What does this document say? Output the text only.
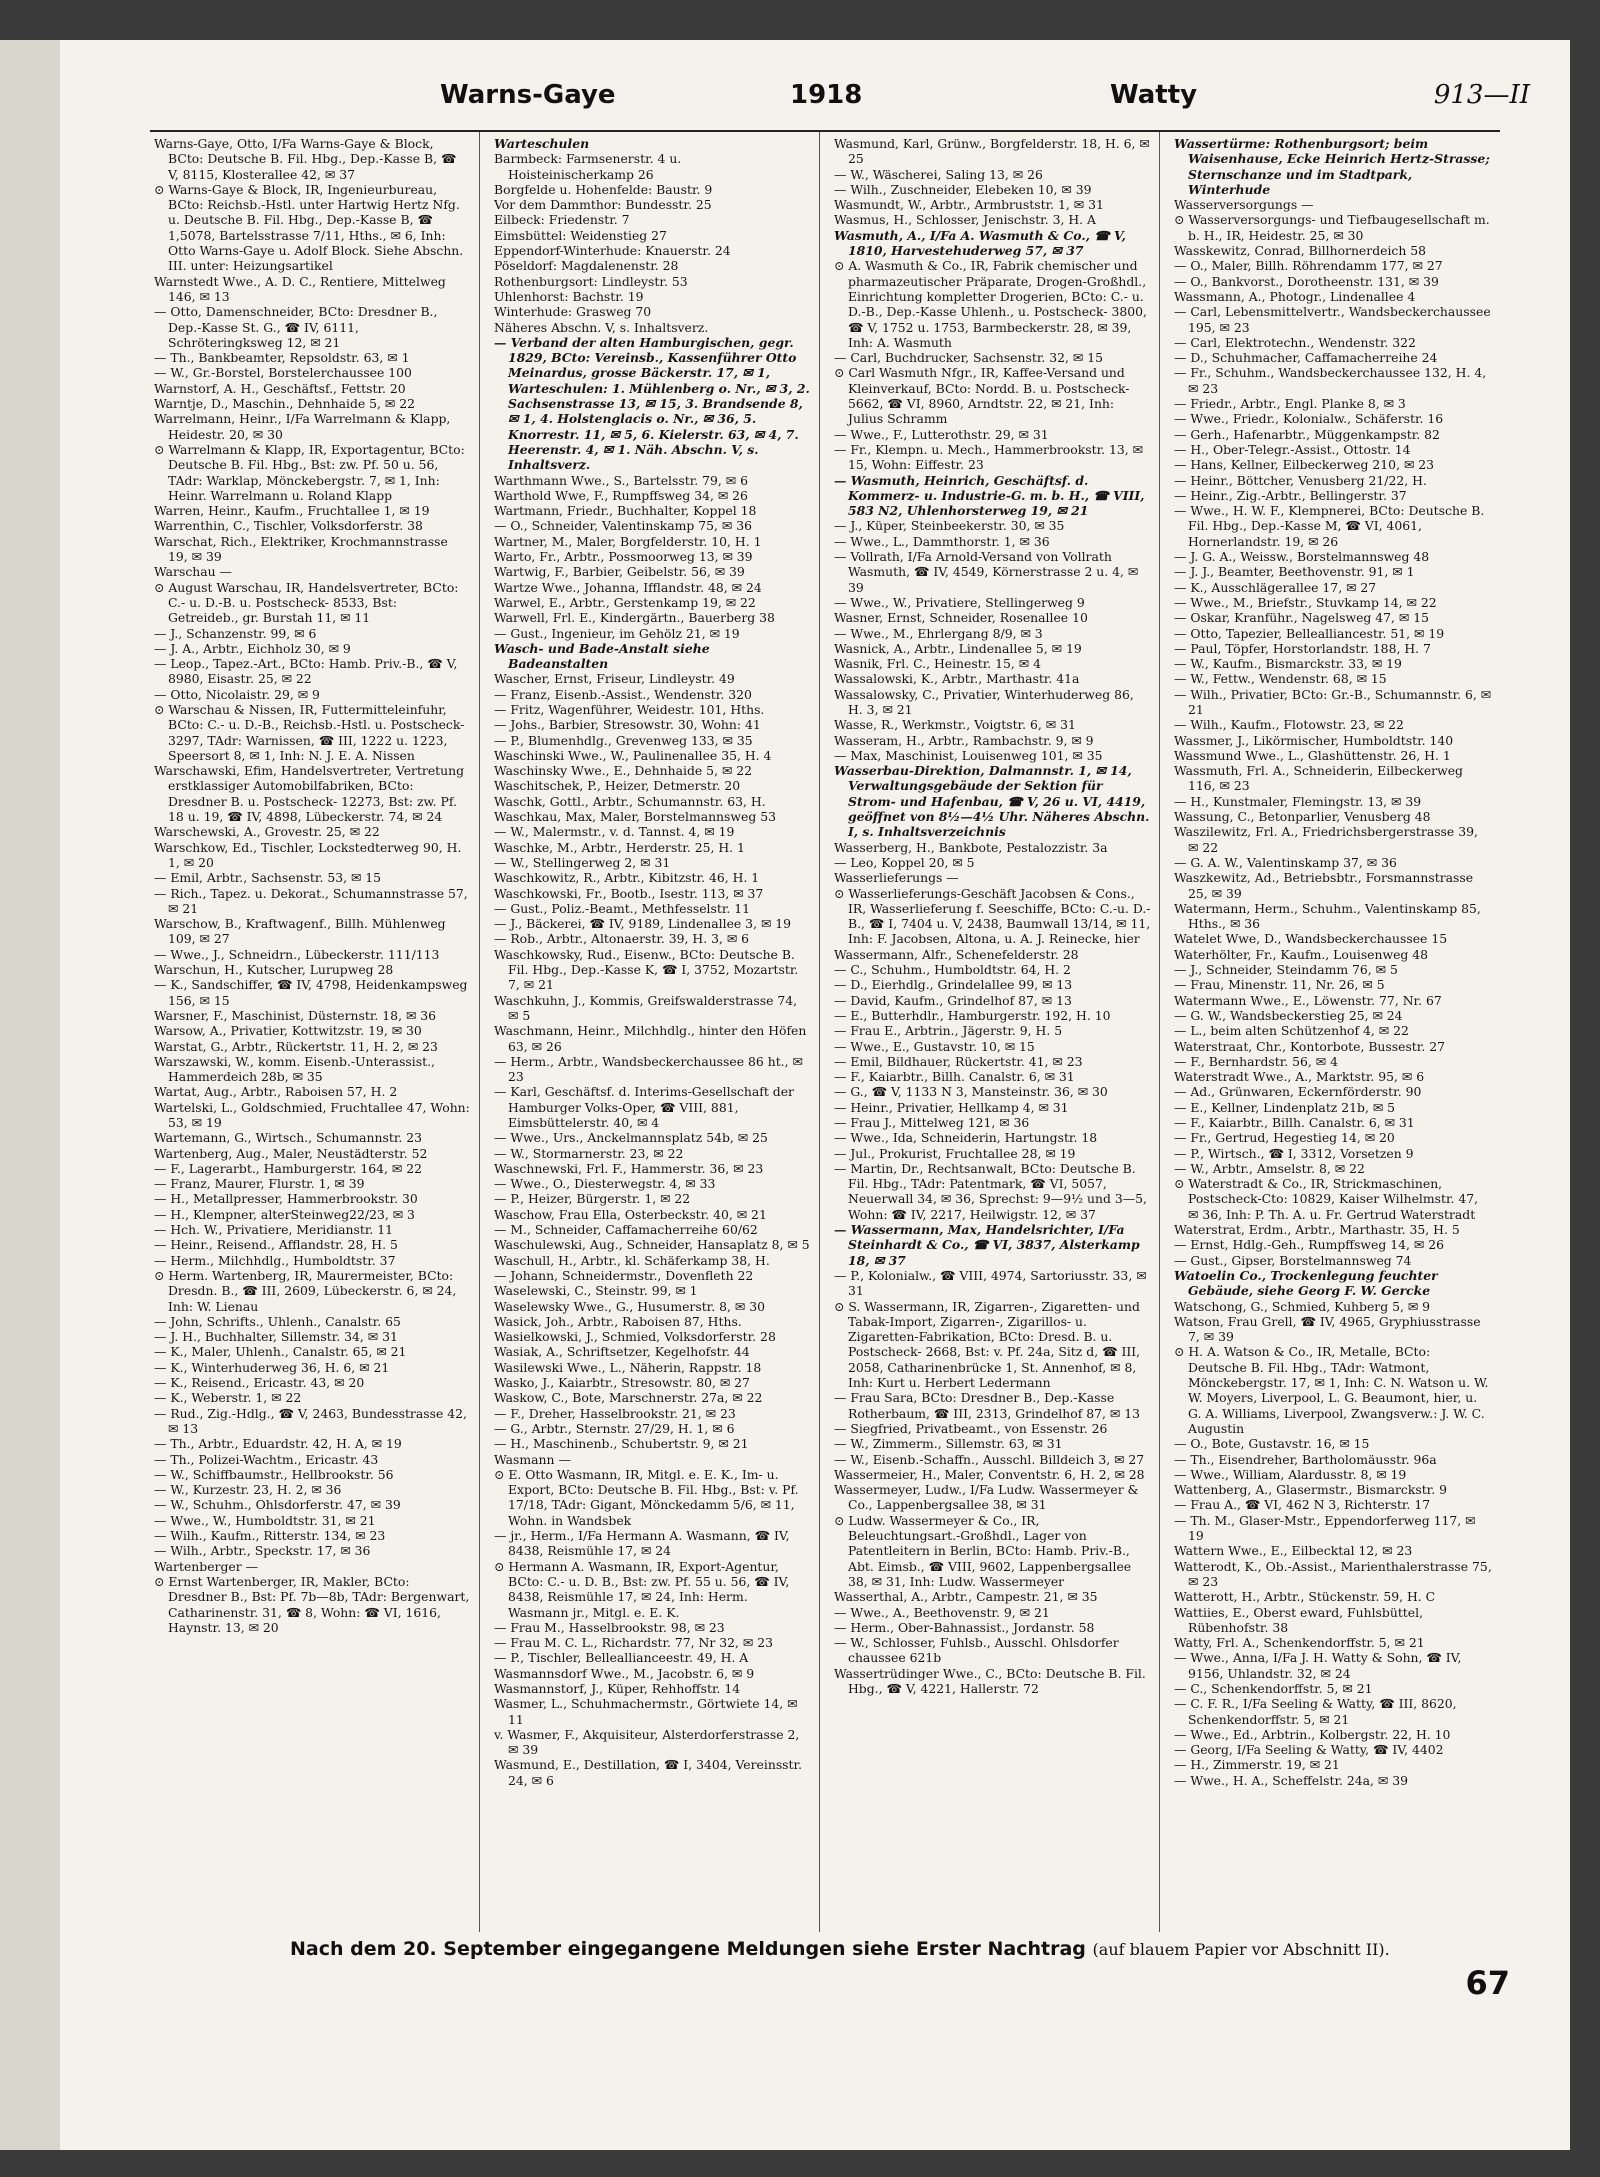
Warns-Gaye	1918	Watty	913—II
Warns-Gaye, Otto, I/Fa Warns-Gaye & Block, BCto: Deutsche B. Fil. Hbg., Dep.-Kasse B, ☎ V, 8115, Klosterallee 42, ✉ 37
⊙ Warns-Gaye & Block, IR, Ingenieurbureau, BCto: Reichsb.-Hstl. unter Hartwig Hertz Nfg. u. Deutsche B. Fil. Hbg., Dep.-Kasse B, ☎ 1,5078, Bartelsstrasse 7/11, Hths., ✉ 6, Inh: Otto Warns-Gaye u. Adolf Block. Siehe Abschn. III. unter: Heizungsartikel
Warnstedt Wwe., A. D. C., Rentiere, Mittelweg 146, ✉ 13
— Otto, Damenschneider, BCto: Dresdner B., Dep.-Kasse St. G., ☎ IV, 6111, Schröteringksweg 12, ✉ 21
— Th., Bankbeamter, Repsoldstr. 63, ✉ 1
— W., Gr.-Borstel, Borstelerchaussee 100
Warnstorf, A. H., Geschäftsf., Fettstr. 20
Warntje, D., Maschin., Dehnhaide 5, ✉ 22
Warrelmann, Heinr., I/Fa Warrelmann & Klapp, Heidestr. 20, ✉ 30
⊙ Warrelmann & Klapp, IR, Exportagentur, BCto: Deutsche B. Fil. Hbg., Bst: zw. Pf. 50 u. 56, TAdr: Warklap, Mönckebergstr. 7, ✉ 1, Inh: Heinr. Warrelmann u. Roland Klapp
Warren, Heinr., Kaufm., Fruchtallee 1, ✉ 19
Warrenthin, C., Tischler, Volksdorferstr. 38
Warschat, Rich., Elektriker, Krochmannstrasse 19, ✉ 39
Warschau —
⊙ August Warschau, IR, Handelsvertreter, BCto: C.- u. D.-B. u. Postscheck- 8533, Bst: Getreideb., gr. Burstah 11, ✉ 11
— J., Schanzenstr. 99, ✉ 6
— J. A., Arbtr., Eichholz 30, ✉ 9
— Leop., Tapez.-Art., BCto: Hamb. Priv.-B., ☎ V, 8980, Eisastr. 25, ✉ 22
— Otto, Nicolaistr. 29, ✉ 9
⊙ Warschau & Nissen, IR, Futtermitteleinfuhr, BCto: C.- u. D.-B., Reichsb.-Hstl. u. Postscheck- 3297, TAdr: Warnissen, ☎ III, 1222 u. 1223, Speersort 8, ✉ 1, Inh: N. J. E. A. Nissen
Warschawski, Efim, Handelsvertreter, Vertretung erstklassiger Automobilfabriken, BCto: Dresdner B. u. Postscheck- 12273, Bst: zw. Pf. 18 u. 19, ☎ IV, 4898, Lübeckerstr. 74, ✉ 24
Warschewski, A., Grovestr. 25, ✉ 22
Warschkow, Ed., Tischler, Lockstedterweg 90, H. 1, ✉ 20
— Emil, Arbtr., Sachsenstr. 53, ✉ 15
— Rich., Tapez. u. Dekorat., Schumannstrasse 57, ✉ 21
Warschow, B., Kraftwagenf., Billh. Mühlenweg 109, ✉ 27
— Wwe., J., Schneidrn., Lübeckerstr. 111/113
Warschun, H., Kutscher, Lurupweg 28
— K., Sandschiffer, ☎ IV, 4798, Heidenkampsweg 156, ✉ 15
Warsner, F., Maschinist, Düsternstr. 18, ✉ 36
Warsow, A., Privatier, Kottwitzstr. 19, ✉ 30
Warstat, G., Arbtr., Rückertstr. 11, H. 2, ✉ 23
Warszawski, W., komm. Eisenb.-Unterassist., Hammerdeich 28b, ✉ 35
Wartat, Aug., Arbtr., Raboisen 57, H. 2
Wartelski, L., Goldschmied, Fruchtallee 47, Wohn: 53, ✉ 19
Wartemann, G., Wirtsch., Schumannstr. 23
Wartenberg, Aug., Maler, Neustädterstr. 52
— F., Lagerarbt., Hamburgerstr. 164, ✉ 22
— Franz, Maurer, Flurstr. 1, ✉ 39
— H., Metallpresser, Hammerbrookstr. 30
— H., Klempner, alterSteinweg22/23, ✉ 3
— Hch. W., Privatiere, Meridianstr. 11
— Heinr., Reisend., Afflandstr. 28, H. 5
— Herm., Milchhdlg., Humboldtstr. 37
⊙ Herm. Wartenberg, IR, Maurermeister, BCto: Dresdn. B., ☎ III, 2609, Lübeckerstr. 6, ✉ 24, Inh: W. Lienau
— John, Schrifts., Uhlenh., Canalstr. 65
— J. H., Buchhalter, Sillemstr. 34, ✉ 31
— K., Maler, Uhlenh., Canalstr. 65, ✉ 21
— K., Winterhuderweg 36, H. 6, ✉ 21
— K., Reisend., Ericastr. 43, ✉ 20
— K., Weberstr. 1, ✉ 22
— Rud., Zig.-Hdlg., ☎ V, 2463, Bundesstrasse 42, ✉ 13
— Th., Arbtr., Eduardstr. 42, H. A, ✉ 19
— Th., Polizei-Wachtm., Ericastr. 43
— W., Schiffbaumstr., Hellbrookstr. 56
— W., Kurzestr. 23, H. 2, ✉ 36
— W., Schuhm., Ohlsdorferstr. 47, ✉ 39
— Wwe., W., Humboldtstr. 31, ✉ 21
— Wilh., Kaufm., Ritterstr. 134, ✉ 23
— Wilh., Arbtr., Speckstr. 17, ✉ 36
Wartenberger —
⊙ Ernst Wartenberger, IR, Makler, BCto: Dresdner B., Bst: Pf. 7b—8b, TAdr: Bergenwart, Catharinenstr. 31, ☎ 8, Wohn: ☎ VI, 1616, Haynstr. 13, ✉ 20
Warteschulen
Barmbeck: Farmsenerstr. 4 u. Hoisteinischerkamp 26
Borgfelde u. Hohenfelde: Baustr. 9
Vor dem Dammthor: Bundesstr. 25
Eilbeck: Friedenstr. 7
Eimsbüttel: Weidenstieg 27
Eppendorf-Winterhude: Knauerstr. 24
Pöseldorf: Magdalenenstr. 28
Rothenburgsort: Lindleystr. 53
Uhlenhorst: Bachstr. 19
Winterhude: Grasweg 70
Näheres Abschn. V, s. Inhaltsverz.
— Verband der alten Hamburgischen, gegr. 1829, BCto: Vereinsb., Kassenführer Otto Meinardus, grosse Bäckerstr. 17, ✉ 1, Warteschulen: 1. Mühlenberg o. Nr., ✉ 3, 2. Sachsenstrasse 13, ✉ 15, 3. Brandsende 8, ✉ 1, 4. Holstenglacis o. Nr., ✉ 36, 5. Knorrestr. 11, ✉ 5, 6. Kielerstr. 63, ✉ 4, 7. Heerenstr. 4, ✉ 1. Näh. Abschn. V, s. Inhaltsverz.
Warthmann Wwe., S., Bartelsstr. 79, ✉ 6
Warthold Wwe, F., Rumpffsweg 34, ✉ 26
Wartmann, Friedr., Buchhalter, Koppel 18
— O., Schneider, Valentinskamp 75, ✉ 36
Wartner, M., Maler, Borgfelderstr. 10, H. 1
Warto, Fr., Arbtr., Possmoorweg 13, ✉ 39
Wartwig, F., Barbier, Geibelstr. 56, ✉ 39
Wartze Wwe., Johanna, Ifflandstr. 48, ✉ 24
Warwel, E., Arbtr., Gerstenkamp 19, ✉ 22
Warwell, Frl. E., Kindergärtn., Bauerberg 38
— Gust., Ingenieur, im Gehölz 21, ✉ 19
Wasch- und Bade-Anstalt siehe Badeanstalten
Wascher, Ernst, Friseur, Lindleystr. 49
— Franz, Eisenb.-Assist., Wendenstr. 320
— Fritz, Wagenführer, Weidestr. 101, Hths.
— Johs., Barbier, Stresowstr. 30, Wohn: 41
— P., Blumenhdlg., Grevenweg 133, ✉ 35
Waschinski Wwe., W., Paulinenallee 35, H. 4
Waschinsky Wwe., E., Dehnhaide 5, ✉ 22
Waschitschek, P., Heizer, Detmerstr. 20
Waschk, Gottl., Arbtr., Schumannstr. 63, H.
Waschkau, Max, Maler, Borstelmannsweg 53
— W., Malermstr., v. d. Tannst. 4, ✉ 19
Waschke, M., Arbtr., Herderstr. 25, H. 1
— W., Stellingerweg 2, ✉ 31
Waschkowitz, R., Arbtr., Kibitzstr. 46, H. 1
Waschkowski, Fr., Bootb., Isestr. 113, ✉ 37
— Gust., Poliz.-Beamt., Methfesselstr. 11
— J., Bäckerei, ☎ IV, 9189, Lindenallee 3, ✉ 19
— Rob., Arbtr., Altonaerstr. 39, H. 3, ✉ 6
Waschkowsky, Rud., Eisenw., BCto: Deutsche B. Fil. Hbg., Dep.-Kasse K, ☎ I, 3752, Mozartstr. 7, ✉ 21
Waschkuhn, J., Kommis, Greifswalderstrasse 74, ✉ 5
Waschmann, Heinr., Milchhdlg., hinter den Höfen 63, ✉ 26
— Herm., Arbtr., Wandsbeckerchaussee 86 ht., ✉ 23
— Karl, Geschäftsf. d. Interims-Gesellschaft der Hamburger Volks-Oper, ☎ VIII, 881, Eimsbüttelerstr. 40, ✉ 4
— Wwe., Urs., Anckelmannsplatz 54b, ✉ 25
— W., Stormarnerstr. 23, ✉ 22
Waschnewski, Frl. F., Hammerstr. 36, ✉ 23
— Wwe., O., Diesterwegstr. 4, ✉ 33
— P., Heizer, Bürgerstr. 1, ✉ 22
Waschow, Frau Ella, Osterbeckstr. 40, ✉ 21
— M., Schneider, Caffamacherreihe 60/62
Waschulewski, Aug., Schneider, Hansaplatz 8, ✉ 5
Waschull, H., Arbtr., kl. Schäferkamp 38, H.
— Johann, Schneidermstr., Dovenfleth 22
Waselewski, C., Steinstr. 99, ✉ 1
Waselewsky Wwe., G., Husumerstr. 8, ✉ 30
Wasick, Joh., Arbtr., Raboisen 87, Hths.
Wasielkowski, J., Schmied, Volksdorferstr. 28
Wasiak, A., Schriftsetzer, Kegelhofstr. 44
Wasilewski Wwe., L., Näherin, Rappstr. 18
Wasko, J., Kaiarbtr., Stresowstr. 80, ✉ 27
Waskow, C., Bote, Marschnerstr. 27a, ✉ 22
— F., Dreher, Hasselbrookstr. 21, ✉ 23
— G., Arbtr., Sternstr. 27/29, H. 1, ✉ 6
— H., Maschinenb., Schubertstr. 9, ✉ 21
Wasmann —
⊙ E. Otto Wasmann, IR, Mitgl. e. E. K., Im- u. Export, BCto: Deutsche B. Fil. Hbg., Bst: v. Pf. 17/18, TAdr: Gigant, Mönckedamm 5/6, ✉ 11, Wohn. in Wandsbek
— jr., Herm., I/Fa Hermann A. Wasmann, ☎ IV, 8438, Reismühle 17, ✉ 24
⊙ Hermann A. Wasmann, IR, Export-Agentur, BCto: C.- u. D. B., Bst: zw. Pf. 55 u. 56, ☎ IV, 8438, Reismühle 17, ✉ 24, Inh: Herm. Wasmann jr., Mitgl. e. E. K.
— Frau M., Hasselbrookstr. 98, ✉ 23
— Frau M. C. L., Richardstr. 77, Nr 32, ✉ 23
— P., Tischler, Belleallianceestr. 49, H. A
Wasmannsdorf Wwe., M., Jacobstr. 6, ✉ 9
Wasmannstorf, J., Küper, Rehhoffstr. 14
Wasmer, L., Schuhmachermstr., Görtwiete 14, ✉ 11
v. Wasmer, F., Akquisiteur, Alsterdorferstrasse 2, ✉ 39
Wasmund, E., Destillation, ☎ I, 3404, Vereinsstr. 24, ✉ 6
Wasmund, Karl, Grünw., Borgfelderstr. 18, H. 6, ✉ 25
— W., Wäscherei, Saling 13, ✉ 26
— Wilh., Zuschneider, Elebeken 10, ✉ 39
Wasmundt, W., Arbtr., Armbruststr. 1, ✉ 31
Wasmus, H., Schlosser, Jenischstr. 3, H. A
Wasmuth, A., I/Fa A. Wasmuth & Co., ☎ V, 1810, Harvestehuderweg 57, ✉ 37
⊙ A. Wasmuth & Co., IR, Fabrik chemischer und pharmazeutischer Präparate, Drogen-Großhdl., Einrichtung kompletter Drogerien, BCto: C.- u. D.-B., Dep.-Kasse Uhlenh., u. Postscheck- 3800, ☎ V, 1752 u. 1753, Barmbeckerstr. 28, ✉ 39, Inh: A. Wasmuth
— Carl, Buchdrucker, Sachsenstr. 32, ✉ 15
⊙ Carl Wasmuth Nfgr., IR, Kaffee-Versand und Kleinverkauf, BCto: Nordd. B. u. Postscheck- 5662, ☎ VI, 8960, Arndtstr. 22, ✉ 21, Inh: Julius Schramm
— Wwe., F., Lutterothstr. 29, ✉ 31
— Fr., Klempn. u. Mech., Hammerbrookstr. 13, ✉ 15, Wohn: Eiffestr. 23
— Wasmuth, Heinrich, Geschäftsf. d. Kommerz- u. Industrie-G. m. b. H., ☎ VIII, 583 N2, Uhlenhorsterweg 19, ✉ 21
— J., Küper, Steinbeekerstr. 30, ✉ 35
— Wwe., L., Dammthorstr. 1, ✉ 36
— Vollrath, I/Fa Arnold-Versand von Vollrath Wasmuth, ☎ IV, 4549, Körnerstrasse 2 u. 4, ✉ 39
— Wwe., W., Privatiere, Stellingerweg 9
Wasner, Ernst, Schneider, Rosenallee 10
— Wwe., M., Ehrlergang 8/9, ✉ 3
Wasnick, A., Arbtr., Lindenallee 5, ✉ 19
Wasnik, Frl. C., Heinestr. 15, ✉ 4
Wassalowski, K., Arbtr., Marthastr. 41a
Wassalowsky, C., Privatier, Winterhuderweg 86, H. 3, ✉ 21
Wasse, R., Werkmstr., Voigtstr. 6, ✉ 31
Wasseram, H., Arbtr., Rambachstr. 9, ✉ 9
— Max, Maschinist, Louisenweg 101, ✉ 35
Wasserbau-Direktion, Dalmannstr. 1, ✉ 14, Verwaltungsgebäude der Sektion für Strom- und Hafenbau, ☎ V, 26 u. VI, 4419, geöffnet von 8½—4½ Uhr. Näheres Abschn. I, s. Inhaltsverzeichnis
Wasserberg, H., Bankbote, Pestalozzistr. 3a
— Leo, Koppel 20, ✉ 5
Wasserlieferungs —
⊙ Wasserlieferungs-Geschäft Jacobsen & Cons., IR, Wasserlieferung f. Seeschiffe, BCto: C.-u. D.-B., ☎ I, 7404 u. V, 2438, Baumwall 13/14, ✉ 11, Inh: F. Jacobsen, Altona, u. A. J. Reinecke, hier
Wassermann, Alfr., Schenefelderstr. 28
— C., Schuhm., Humboldtstr. 64, H. 2
— D., Eierhdlg., Grindelallee 99, ✉ 13
— David, Kaufm., Grindelhof 87, ✉ 13
— E., Butterhdlr., Hamburgerstr. 192, H. 10
— Frau E., Arbtrin., Jägerstr. 9, H. 5
— Wwe., E., Gustavstr. 10, ✉ 15
— Emil, Bildhauer, Rückertstr. 41, ✉ 23
— F., Kaiarbtr., Billh. Canalstr. 6, ✉ 31
— G., ☎ V, 1133 N 3, Mansteinstr. 36, ✉ 30
— Heinr., Privatier, Hellkamp 4, ✉ 31
— Frau J., Mittelweg 121, ✉ 36
— Wwe., Ida, Schneiderin, Hartungstr. 18
— Jul., Prokurist, Fruchtallee 28, ✉ 19
— Martin, Dr., Rechtsanwalt, BCto: Deutsche B. Fil. Hbg., TAdr: Patentmark, ☎ VI, 5057, Neuerwall 34, ✉ 36, Sprechst: 9—9½ und 3—5, Wohn: ☎ IV, 2217, Heilwigstr. 12, ✉ 37
— Wassermann, Max, Handelsrichter, I/Fa Steinhardt & Co., ☎ VI, 3837, Alsterkamp 18, ✉ 37
— P., Kolonialw., ☎ VIII, 4974, Sartoriusstr. 33, ✉ 31
⊙ S. Wassermann, IR, Zigarren-, Zigaretten- und Tabak-Import, Zigarren-, Zigarillos- u. Zigaretten-Fabrikation, BCto: Dresd. B. u. Postscheck- 2668, Bst: v. Pf. 24a, Sitz d, ☎ III, 2058, Catharinenbrücke 1, St. Annenhof, ✉ 8, Inh: Kurt u. Herbert Ledermann
— Frau Sara, BCto: Dresdner B., Dep.-Kasse Rotherbaum, ☎ III, 2313, Grindelhof 87, ✉ 13
— Siegfried, Privatbeamt., von Essenstr. 26
— W., Zimmerm., Sillemstr. 63, ✉ 31
— W., Eisenb.-Schaffn., Ausschl. Billdeich 3, ✉ 27
Wassermeier, H., Maler, Conventstr. 6, H. 2, ✉ 28
Wassermeyer, Ludw., I/Fa Ludw. Wassermeyer & Co., Lappenbergsallee 38, ✉ 31
⊙ Ludw. Wassermeyer & Co., IR, Beleuchtungsart.-Großhdl., Lager von Patentleitern in Berlin, BCto: Hamb. Priv.-B., Abt. Eimsb., ☎ VIII, 9602, Lappenbergsallee 38, ✉ 31, Inh: Ludw. Wassermeyer
Wasserthal, A., Arbtr., Campestr. 21, ✉ 35
— Wwe., A., Beethovenstr. 9, ✉ 21
— Herm., Ober-Bahnassist., Jordanstr. 58
— W., Schlosser, Fuhlsb., Ausschl. Ohlsdorfer chaussee 621b
Wassertrüdinger Wwe., C., BCto: Deutsche B. Fil. Hbg., ☎ V, 4221, Hallerstr. 72
Wassertürme: Rothenburgsort; beim Waisenhause, Ecke Heinrich Hertz-Strasse; Sternschanze und im Stadtpark, Winterhude
Wasserversorgungs —
⊙ Wasserversorgungs- und Tiefbaugesellschaft m. b. H., IR, Heidestr. 25, ✉ 30
Wasskewitz, Conrad, Billhornerdeich 58
— O., Maler, Billh. Röhrendamm 177, ✉ 27
— O., Bankvorst., Dorotheenstr. 131, ✉ 39
Wassmann, A., Photogr., Lindenallee 4
— Carl, Lebensmittelvertr., Wandsbeckerchaussee 195, ✉ 23
— Carl, Elektrotechn., Wendenstr. 322
— D., Schuhmacher, Caffamacherreihe 24
— Fr., Schuhm., Wandsbeckerchaussee 132, H. 4, ✉ 23
— Friedr., Arbtr., Engl. Planke 8, ✉ 3
— Wwe., Friedr., Kolonialw., Schäferstr. 16
— Gerh., Hafenarbtr., Müggenkampstr. 82
— H., Ober-Telegr.-Assist., Ottostr. 14
— Hans, Kellner, Eilbeckerweg 210, ✉ 23
— Heinr., Böttcher, Venusberg 21/22, H.
— Heinr., Zig.-Arbtr., Bellingerstr. 37
— Wwe., H. W. F., Klempnerei, BCto: Deutsche B. Fil. Hbg., Dep.-Kasse M, ☎ VI, 4061, Hornerlandstr. 19, ✉ 26
— J. G. A., Weissw., Borstelmannsweg 48
— J. J., Beamter, Beethovenstr. 91, ✉ 1
— K., Ausschlägerallee 17, ✉ 27
— Wwe., M., Briefstr., Stuvkamp 14, ✉ 22
— Oskar, Kranführ., Nagelsweg 47, ✉ 15
— Otto, Tapezier, Bellealliancestr. 51, ✉ 19
— Paul, Töpfer, Horstorlandstr. 188, H. 7
— W., Kaufm., Bismarckstr. 33, ✉ 19
— W., Fettw., Wendenstr. 68, ✉ 15
— Wilh., Privatier, BCto: Gr.-B., Schumannstr. 6, ✉ 21
— Wilh., Kaufm., Flotowstr. 23, ✉ 22
Wassmer, J., Likörmischer, Humboldtstr. 140
Wassmund Wwe., L., Glashüttenstr. 26, H. 1
Wassmuth, Frl. A., Schneiderin, Eilbeckerweg 116, ✉ 23
— H., Kunstmaler, Flemingstr. 13, ✉ 39
Wassung, C., Betonparlier, Venusberg 48
Waszilewitz, Frl. A., Friedrichsbergerstrasse 39, ✉ 22
— G. A. W., Valentinskamp 37, ✉ 36
Waszkewitz, Ad., Betriebsbtr., Forsmannstrasse 25, ✉ 39
Watermann, Herm., Schuhm., Valentinskamp 85, Hths., ✉ 36
Watelet Wwe, D., Wandsbeckerchaussee 15
Waterhölter, Fr., Kaufm., Louisenweg 48
— J., Schneider, Steindamm 76, ✉ 5
— Frau, Minenstr. 11, Nr. 26, ✉ 5
Watermann Wwe., E., Löwenstr. 77, Nr. 67
— G. W., Wandsbeckerstieg 25, ✉ 24
— L., beim alten Schützenhof 4, ✉ 22
Waterstraat, Chr., Kontorbote, Bussestr. 27
— F., Bernhardstr. 56, ✉ 4
Waterstradt Wwe., A., Marktstr. 95, ✉ 6
— Ad., Grünwaren, Eckernförderstr. 90
— E., Kellner, Lindenplatz 21b, ✉ 5
— F., Kaiarbtr., Billh. Canalstr. 6, ✉ 31
— Fr., Gertrud, Hegestieg 14, ✉ 20
— P., Wirtsch., ☎ I, 3312, Vorsetzen 9
— W., Arbtr., Amselstr. 8, ✉ 22
⊙ Waterstradt & Co., IR, Strickmaschinen, Postscheck-Cto: 10829, Kaiser Wilhelmstr. 47, ✉ 36, Inh: P. Th. A. u. Fr. Gertrud Waterstradt
Waterstrat, Erdm., Arbtr., Marthastr. 35, H. 5
— Ernst, Hdlg.-Geh., Rumpffsweg 14, ✉ 26
— Gust., Gipser, Borstelmannsweg 74
Watoelin Co., Trockenlegung feuchter Gebäude, siehe Georg F. W. Gercke
Watschong, G., Schmied, Kuhberg 5, ✉ 9
Watson, Frau Grell, ☎ IV, 4965, Gryphiusstrasse 7, ✉ 39
⊙ H. A. Watson & Co., IR, Metalle, BCto: Deutsche B. Fil. Hbg., TAdr: Watmont, Mönckebergstr. 17, ✉ 1, Inh: C. N. Watson u. W. W. Moyers, Liverpool, L. G. Beaumont, hier, u. G. A. Williams, Liverpool, Zwangsverw.: J. W. C. Augustin
— O., Bote, Gustavstr. 16, ✉ 15
— Th., Eisendreher, Bartholomäusstr. 96a
— Wwe., William, Alardusstr. 8, ✉ 19
Wattenberg, A., Glasermstr., Bismarckstr. 9
— Frau A., ☎ VI, 462 N 3, Richterstr. 17
— Th. M., Glaser-Mstr., Eppendorferweg 117, ✉ 19
Wattern Wwe., E., Eilbecktal 12, ✉ 23
Watterodt, K., Ob.-Assist., Marienthalerstrasse 75, ✉ 23
Watterott, H., Arbtr., Stückenstr. 59, H. C
Wattiies, E., Oberst eward, Fuhlsbüttel, Rübenhofstr. 38
Watty, Frl. A., Schenkendorffstr. 5, ✉ 21
— Wwe., Anna, I/Fa J. H. Watty & Sohn, ☎ IV, 9156, Uhlandstr. 32, ✉ 24
— C., Schenkendorffstr. 5, ✉ 21
— C. F. R., I/Fa Seeling & Watty, ☎ III, 8620, Schenkendorffstr. 5, ✉ 21
— Wwe., Ed., Arbtrin., Kolbergstr. 22, H. 10
— Georg, I/Fa Seeling & Watty, ☎ IV, 4402
— H., Zimmerstr. 19, ✉ 21
— Wwe., H. A., Scheffelstr. 24a, ✉ 39
Nach dem 20. September eingegangene Meldungen siehe Erster Nachtrag (auf blauem Papier vor Abschnitt II).
67
